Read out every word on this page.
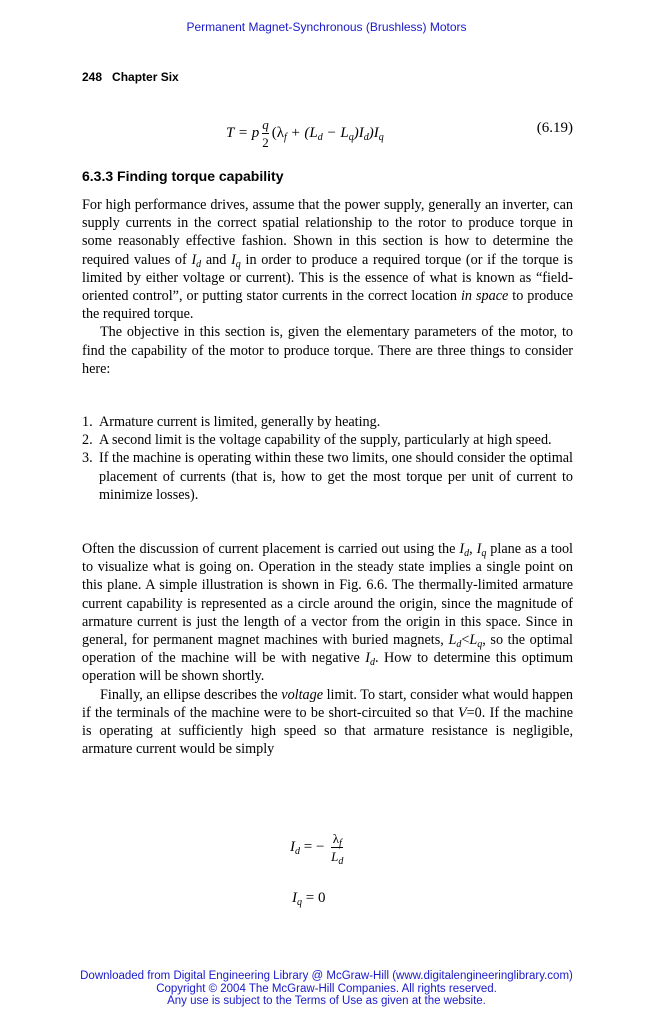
Permanent Magnet-Synchronous (Brushless) Motors
248 Chapter Six
T = p $\frac{q}{2} (\lambda_f + (L_d - L_q)I_d)I_q$
(6.19)
6.3.3 Finding torque capability

For high performance drives, assume that the power supply, generally an inverter, can supply currents in the correct spatial relationship to the rotor to produce torque in some reasonably effective fashion. Shown in this section is how to determine the required values of $I_d$ and $I_q$ in order to produce a required torque (or if the torque is limited by either voltage or current). This is the essence of what is known as “field-oriented control”, or putting stator currents in the correct location in space to produce the required torque.

The objective in this section is, given the elementary parameters of the motor, to find the capability of the motor to produce torque. There are three things to consider here:

1. Armature current is limited, generally by heating.
2. A second limit is the voltage capability of the supply, particularly at high speed.
3. If the machine is operating within these two limits, one should consider the optimal placement of currents (that is, how to get the most torque per unit of current to minimize losses).

Often the discussion of current placement is carried out using the $I_d$, $I_q$ plane as a tool to visualize what is going on. Operation in the steady state implies a single point on this plane. A simple illustration is shown in Fig. 6.6. The thermally-limited armature current capability is represented as a circle around the origin, since the magnitude of armature current is just the length of a vector from the origin in this space. Since in general, for permanent magnet machines with buried magnets, $L_d<L_q$, so the optimal operation of the machine will be with negative $I_d$. How to determine this optimum operation will be shown shortly.

Finally, an ellipse describes the voltage limit. To start, consider what would happen if the terminals of the machine were to be short-circuited so that V=0. If the machine is operating at sufficiently high speed so that armature resistance is negligible, armature current would be simply

$I_d$ = − $\frac{\lambda_f}{L_d}$
$I_q = 0$
Downloaded from Digital Engineering Library @ McGraw-Hill (www.digitalengineeringlibrary.com)
Copyright © 2004 The McGraw-Hill Companies. All rights reserved.
Any use is subject to the Terms of Use as given at the website.
